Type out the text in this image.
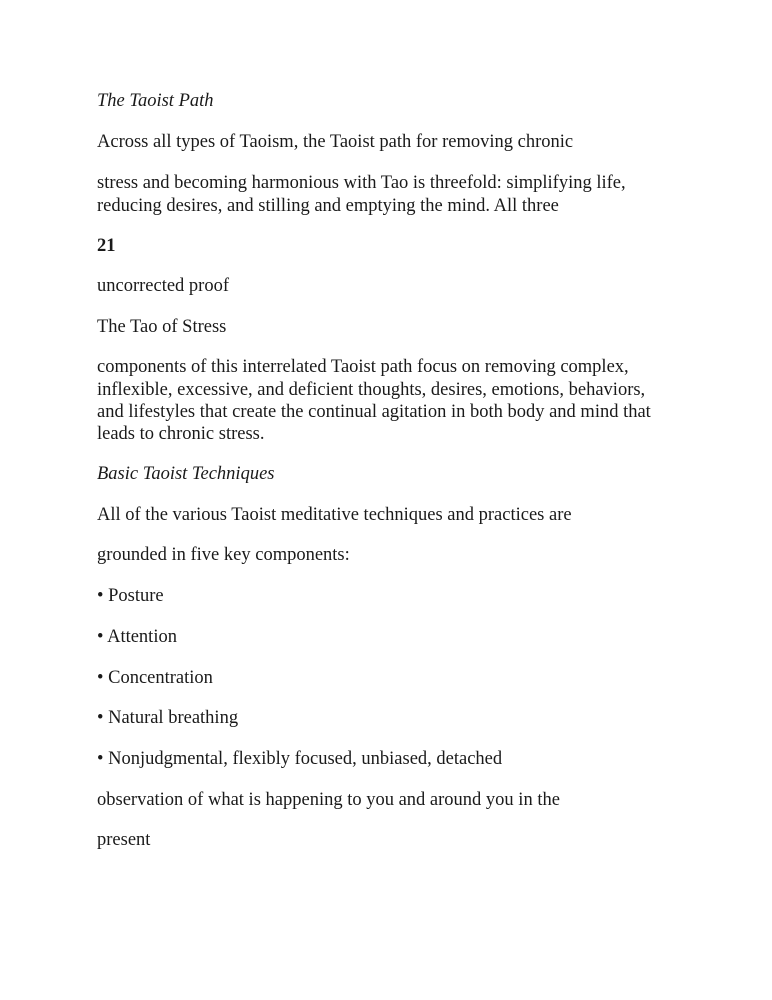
The Taoist Path

Across all types of Taoism, the Taoist path for removing chronic

stress and becoming harmonious with Tao is threefold: simplifying life,

reducing desires, and stilling and emptying the mind. All three

21

uncorrected proof

The Tao of Stress

components of this interrelated Taoist path focus on removing complex,

inflexible, excessive, and deficient thoughts, desires, emotions, behaviors,

and lifestyles that create the continual agitation in both body and mind that

leads to chronic stress.

Basic Taoist Techniques

All of the various Taoist meditative techniques and practices are

grounded in five key components:

• Posture

• Attention

• Concentration

• Natural breathing

• Nonjudgmental, flexibly focused, unbiased, detached

observation of what is happening to you and around you in the

present
